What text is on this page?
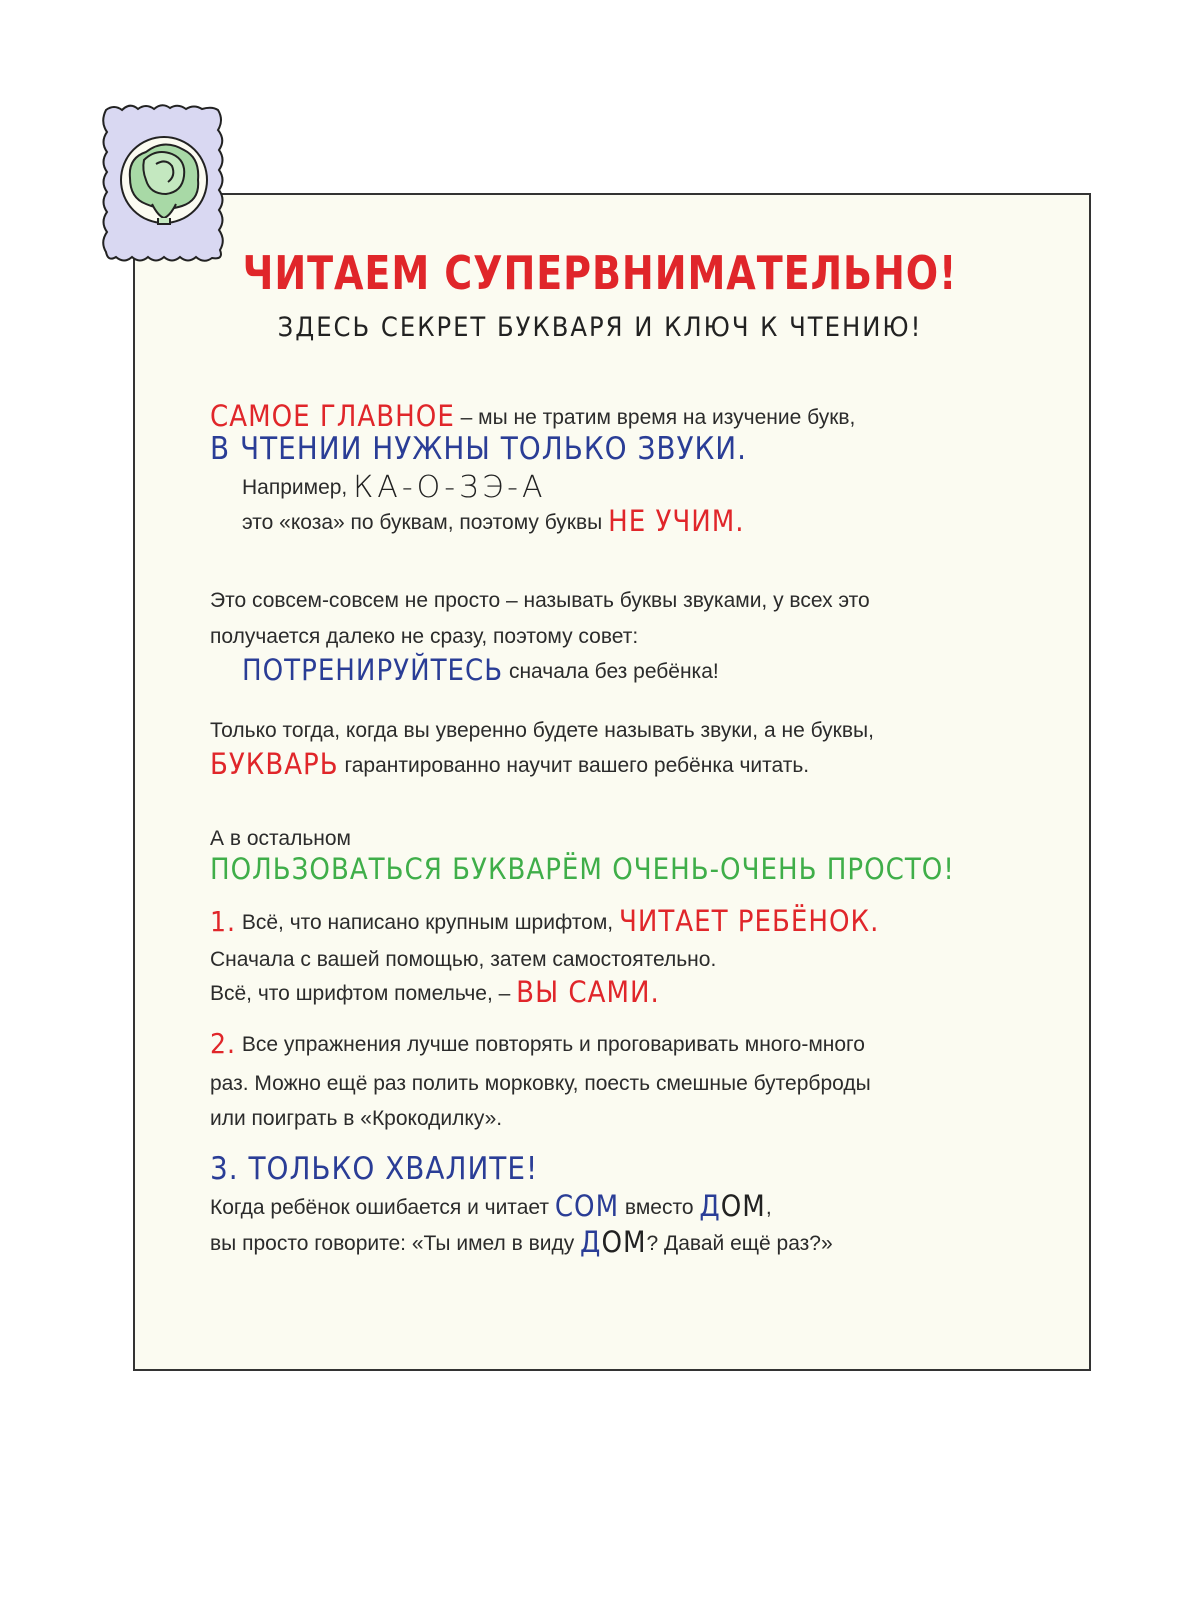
ЧИТАЕМ СУПЕРВНИМАТЕЛЬНО!
ЗДЕСЬ СЕКРЕТ БУКВАРЯ И КЛЮЧ К ЧТЕНИЮ!
САМОЕ ГЛАВНОЕ – мы не тратим время на изучение букв,
В ЧТЕНИИ НУЖНЫ ТОЛЬКО ЗВУКИ.
Например, КА-О-ЗЭ-А
это «коза» по буквам, поэтому буквы НЕ УЧИМ.
Это совсем-совсем не просто – называть буквы звуками, у всех это
получается далеко не сразу, поэтому совет:
ПОТРЕНИРУЙТЕСЬ сначала без ребёнка!
Только тогда, когда вы уверенно будете называть звуки, а не буквы,
БУКВАРЬ гарантированно научит вашего ребёнка читать.
А в остальном
ПОЛЬЗОВАТЬСЯ БУКВАРЁМ ОЧЕНЬ-ОЧЕНЬ ПРОСТО!
1. Всё, что написано крупным шрифтом, ЧИТАЕТ РЕБЁНОК.
Сначала с вашей помощью, затем самостоятельно.
Всё, что шрифтом помельче, – ВЫ САМИ.
2. Все упражнения лучше повторять и проговаривать много-много
раз. Можно ещё раз полить морковку, поесть смешные бутерброды
или поиграть в «Крокодилку».
3. ТОЛЬКО ХВАЛИТЕ!
Когда ребёнок ошибается и читает СОМ вместо ДОМ,
вы просто говорите: «Ты имел в виду ДОМ? Давай ещё раз?»
